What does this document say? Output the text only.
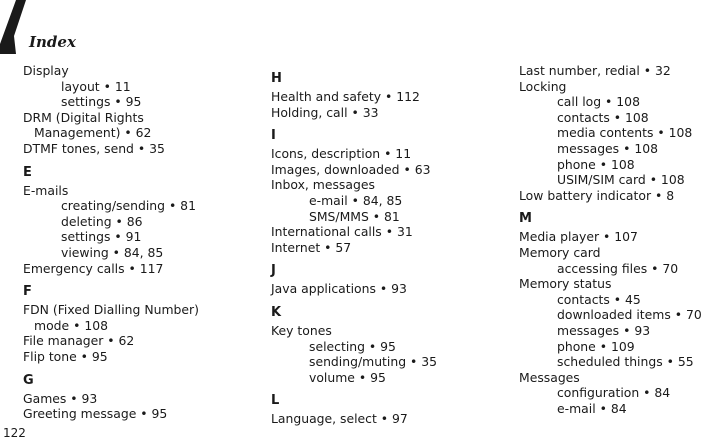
Index
Display
layout • 11
settings • 95
DRM (Digital Rights
Management) • 62
DTMF tones, send • 35
E
E-mails
creating/sending • 81
deleting • 86
settings • 91
viewing • 84, 85
Emergency calls • 117
F
FDN (Fixed Dialling Number)
mode • 108
File manager • 62
Flip tone • 95
G
Games • 93
Greeting message • 95
H
Health and safety • 112
Holding, call • 33
I
Icons, description • 11
Images, downloaded • 63
Inbox, messages
e-mail • 84, 85
SMS/MMS • 81
International calls • 31
Internet • 57
J
Java applications • 93
K
Key tones
selecting • 95
sending/muting • 35
volume • 95
L
Language, select • 97
Last number, redial • 32
Locking
call log • 108
contacts • 108
media contents • 108
messages • 108
phone • 108
USIM/SIM card • 108
Low battery indicator • 8
M
Media player • 107
Memory card
accessing files • 70
Memory status
contacts • 45
downloaded items • 70
messages • 93
phone • 109
scheduled things • 55
Messages
configuration • 84
e-mail • 84
122
